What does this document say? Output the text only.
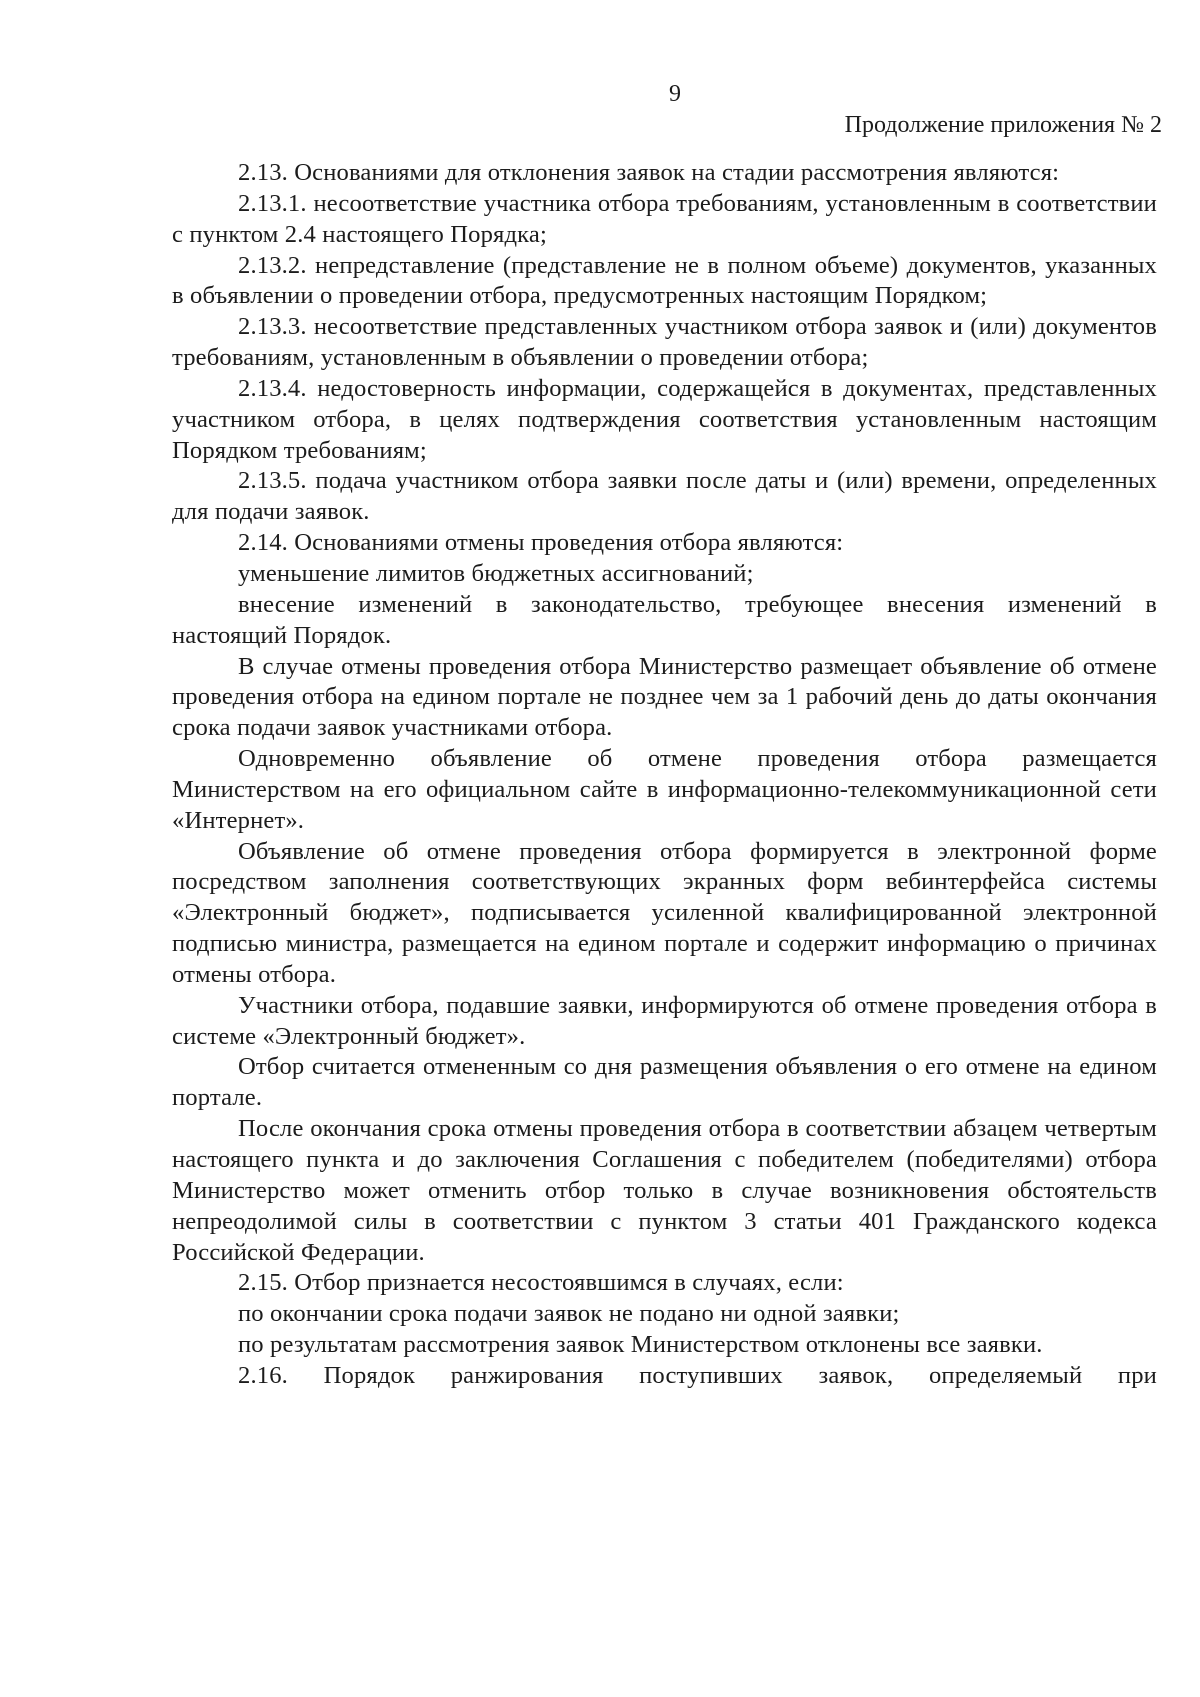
9
Продолжение приложения № 2

2.13. Основаниями для отклонения заявок на стадии рассмотрения являются:

2.13.1. несоответствие участника отбора требованиям, установленным в соответствии с пунктом 2.4 настоящего Порядка;

2.13.2. непредставление (представление не в полном объеме) документов, указанных в объявлении о проведении отбора, предусмотренных настоящим Порядком;

2.13.3. несоответствие представленных участником отбора заявок и (или) документов требованиям, установленным в объявлении о проведении отбора;

2.13.4. недостоверность информации, содержащейся в документах, представленных участником отбора, в целях подтверждения соответствия установленным настоящим Порядком требованиям;

2.13.5. подача участником отбора заявки после даты и (или) времени, определенных для подачи заявок.

2.14. Основаниями отмены проведения отбора являются:

уменьшение лимитов бюджетных ассигнований;

внесение изменений в законодательство, требующее внесения изменений в настоящий Порядок.

В случае отмены проведения отбора Министерство размещает объявление об отмене проведения отбора на едином портале не позднее чем за 1 рабочий день до даты окончания срока подачи заявок участниками отбора.

Одновременно объявление об отмене проведения отбора размещается Министерством на его официальном сайте в информационно-телекоммуникационной сети «Интернет».

Объявление об отмене проведения отбора формируется в электронной форме посредством заполнения соответствующих экранных форм вебинтерфейса системы «Электронный бюджет», подписывается усиленной квалифицированной электронной подписью министра, размещается на едином портале и содержит информацию о причинах отмены отбора.

Участники отбора, подавшие заявки, информируются об отмене проведения отбора в системе «Электронный бюджет».

Отбор считается отмененным со дня размещения объявления о его отмене на едином портале.

После окончания срока отмены проведения отбора в соответствии абзацем четвертым настоящего пункта и до заключения Соглашения с победителем (победителями) отбора Министерство может отменить отбор только в случае возникновения обстоятельств непреодолимой силы в соответствии с пунктом 3 статьи 401 Гражданского кодекса Российской Федерации.

2.15. Отбор признается несостоявшимся в случаях, если:

по окончании срока подачи заявок не подано ни одной заявки;

по результатам рассмотрения заявок Министерством отклонены все заявки.

2.16. Порядок ранжирования поступивших заявок, определяемый при
